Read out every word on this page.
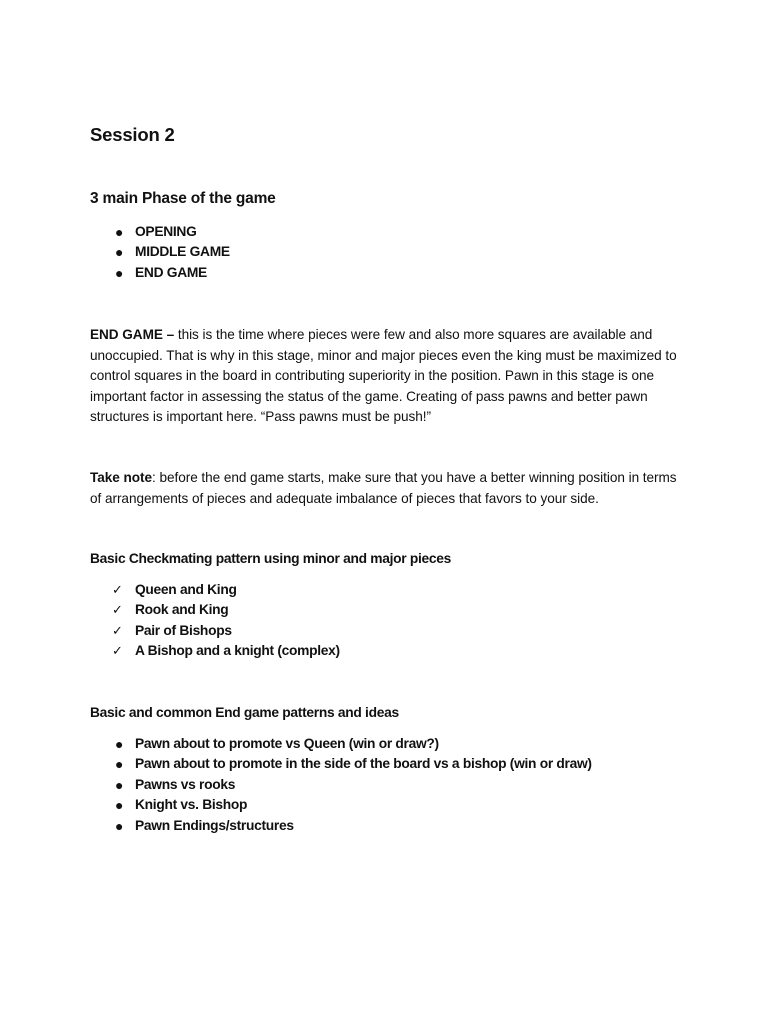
Session 2
3 main Phase of the game
● OPENING
● MIDDLE GAME
● END GAME

END GAME – this is the time where pieces were few and also more squares are available and unoccupied. That is why in this stage, minor and major pieces even the king must be maximized to control squares in the board in contributing superiority in the position. Pawn in this stage is one important factor in assessing the status of the game. Creating of pass pawns and better pawn structures is important here. “Pass pawns must be push!”

Take note: before the end game starts, make sure that you have a better winning position in terms of arrangements of pieces and adequate imbalance of pieces that favors to your side.

Basic Checkmating pattern using minor and major pieces
✓ Queen and King
✓ Rook and King
✓ Pair of Bishops
✓ A Bishop and a knight (complex)
Basic and common End game patterns and ideas
● Pawn about to promote vs Queen (win or draw?)
● Pawn about to promote in the side of the board vs a bishop (win or draw)
● Pawns vs rooks
● Knight vs. Bishop
● Pawn Endings/structures
